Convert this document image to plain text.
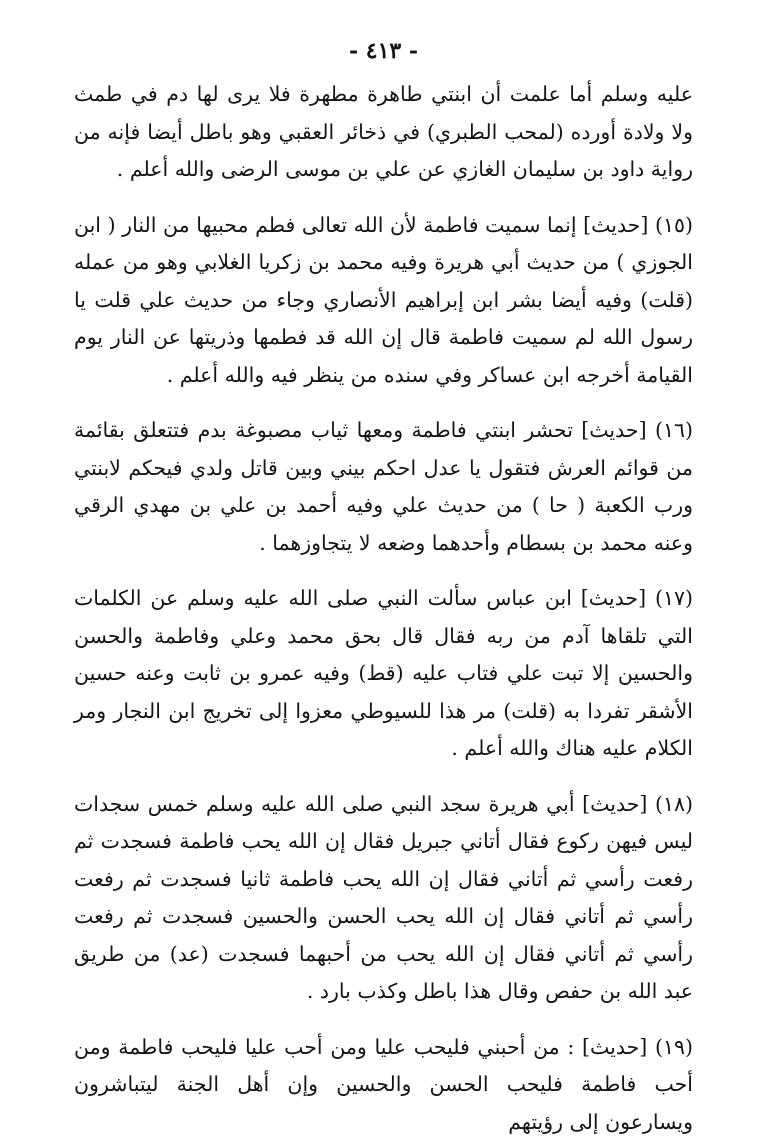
- ٤١٣ -

عليه وسلم أما علمت أن ابنتي طاهرة مطهرة فلا يرى لها دم في طمث ولا ولادة أورده (لمحب الطبري) في ذخائر العقبي وهو باطل أيضا فإنه من رواية داود بن سليمان الغازي عن علي بن موسى الرضى والله أعلم .

(١٥) [حديث] إنما سميت فاطمة لأن الله تعالى فطم محبيها من النار ( ابن الجوزي ) من حديث أبي هريرة وفيه محمد بن زكريا الغلابي وهو من عمله (قلت) وفيه أيضا بشر ابن إبراهيم الأنصاري وجاء من حديث علي قلت يا رسول الله لم سميت فاطمة قال إن الله قد فطمها وذريتها عن النار يوم القيامة أخرجه ابن عساكر وفي سنده من ينظر فيه والله أعلم .

(١٦) [حديث] تحشر ابنتي فاطمة ومعها ثياب مصبوغة بدم فتتعلق بقائمة من قوائم العرش فتقول يا عدل احكم بيني وبين قاتل ولدي فيحكم لابنتي ورب الكعبة ( حا ) من حديث علي وفيه أحمد بن علي بن مهدي الرقي وعنه محمد بن بسطام وأحدهما وضعه لا يتجاوزهما .

(١٧) [حديث] ابن عباس سألت النبي صلى الله عليه وسلم عن الكلمات التي تلقاها آدم من ربه فقال قال بحق محمد وعلي وفاطمة والحسن والحسين إلا تبت علي فتاب عليه (قط) وفيه عمرو بن ثابت وعنه حسين الأشقر تفردا به (قلت) مر هذا للسيوطي معزوا إلى تخريج ابن النجار ومر الكلام عليه هناك والله أعلم .

(١٨) [حديث] أبي هريرة سجد النبي صلى الله عليه وسلم خمس سجدات ليس فيهن ركوع فقال أتاني جبريل فقال إن الله يحب فاطمة فسجدت ثم رفعت رأسي ثم أتاني فقال إن الله يحب فاطمة ثانيا فسجدت ثم رفعت رأسي ثم أتاني فقال إن الله يحب الحسن والحسين فسجدت ثم رفعت رأسي ثم أتاني فقال إن الله يحب من أحبهما فسجدت (عد) من طريق عبد الله بن حفص وقال هذا باطل وكذب بارد .

(١٩) [حديث] : من أحبني فليحب عليا ومن أحب عليا فليحب فاطمة ومن أحب فاطمة فليحب الحسن والحسين وإن أهل الجنة ليتباشرون ويسارعون إلى رؤيتهم
